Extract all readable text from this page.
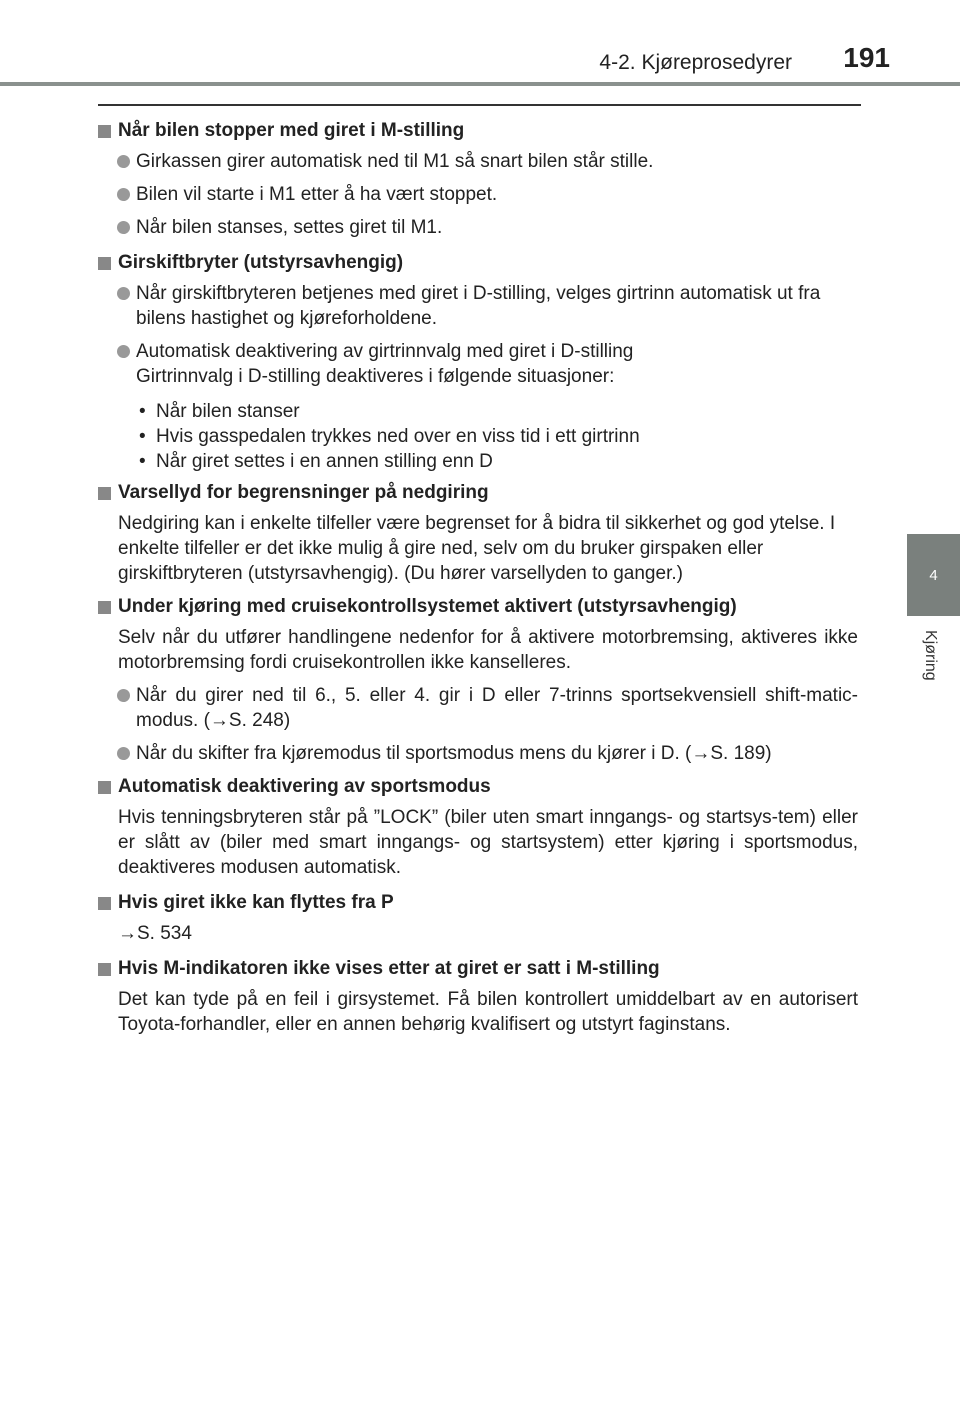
4-2. Kjøreprosedyrer 191
4
Kjøring
Når bilen stopper med giret i M-stilling
Girkassen girer automatisk ned til M1 så snart bilen står stille.
Bilen vil starte i M1 etter å ha vært stoppet.
Når bilen stanses, settes giret til M1.
Girskiftbryter (utstyrsavhengig)
Når girskiftbryteren betjenes med giret i D-stilling, velges girtrinn automatisk ut fra bilens hastighet og kjøreforholdene.
Automatisk deaktivering av girtrinnvalg med giret i D-stilling
Girtrinnvalg i D-stilling deaktiveres i følgende situasjoner:
• Når bilen stanser
• Hvis gasspedalen trykkes ned over en viss tid i ett girtrinn
• Når giret settes i en annen stilling enn D
Varsellyd for begrensninger på nedgiring
Nedgiring kan i enkelte tilfeller være begrenset for å bidra til sikkerhet og god ytelse. I enkelte tilfeller er det ikke mulig å gire ned, selv om du bruker girspaken eller girskiftbryteren (utstyrsavhengig). (Du hører varsellyden to ganger.)
Under kjøring med cruisekontrollsystemet aktivert (utstyrsavhengig)
Selv når du utfører handlingene nedenfor for å aktivere motorbremsing, aktiveres ikke motorbremsing fordi cruisekontrollen ikke kanselleres.
Når du girer ned til 6., 5. eller 4. gir i D eller 7-trinns sportsekvensiell shift-matic-modus. (→S. 248)
Når du skifter fra kjøremodus til sportsmodus mens du kjører i D. (→S. 189)
Automatisk deaktivering av sportsmodus
Hvis tenningsbryteren står på ”LOCK” (biler uten smart inngangs- og startsys-tem) eller er slått av (biler med smart inngangs- og startsystem) etter kjøring i sportsmodus, deaktiveres modusen automatisk.
Hvis giret ikke kan flyttes fra P
→S. 534
Hvis M-indikatoren ikke vises etter at giret er satt i M-stilling
Det kan tyde på en feil i girsystemet. Få bilen kontrollert umiddelbart av en autorisert Toyota-forhandler, eller en annen behørig kvalifisert og utstyrt faginstans.
